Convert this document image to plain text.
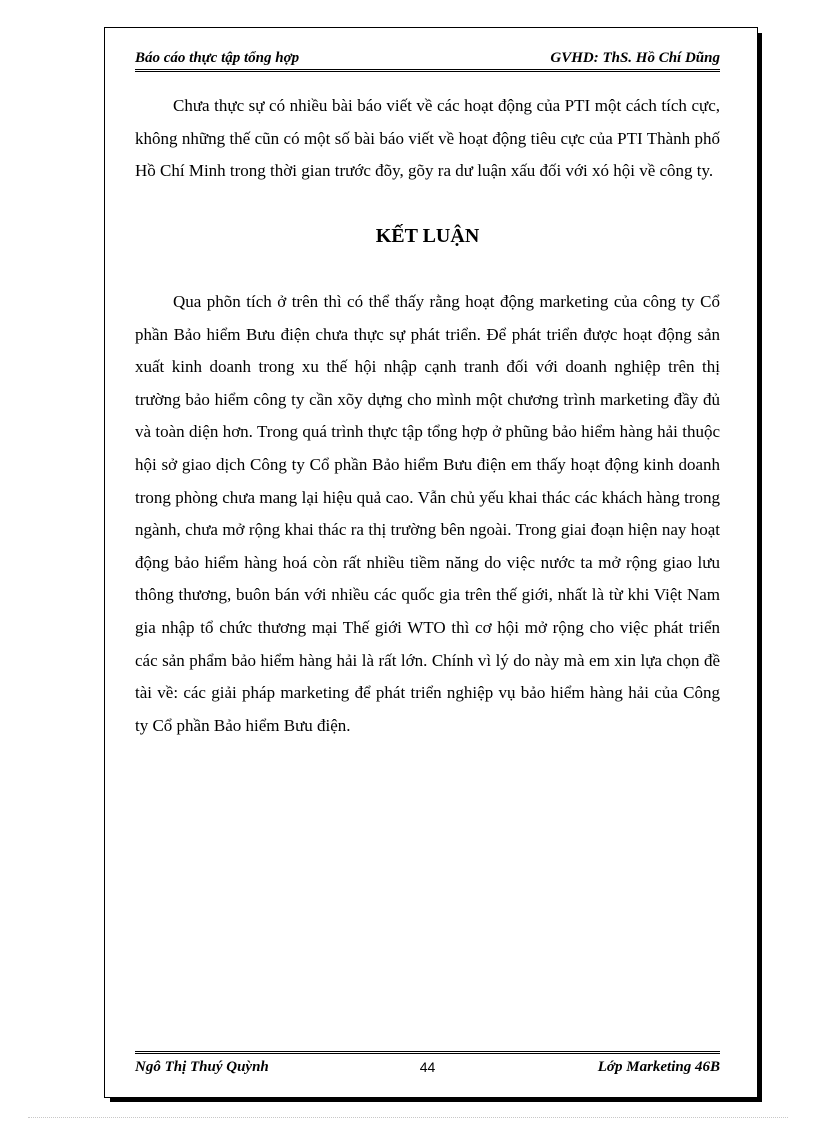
Báo cáo thực tập tổng hợp	GVHD: ThS. Hồ Chí Dũng

Chưa thực sự có nhiều bài báo viết về các hoạt động của PTI một cách tích cực, không những thế cũn có một số bài báo viết về hoạt động tiêu cực của PTI Thành phố Hồ Chí Minh trong thời gian trước đõy, gõy ra dư luận xấu đối với xó hội về công ty.

KẾT LUẬN

Qua phõn tích ở trên thì có thể thấy rằng hoạt động marketing của công ty Cổ phần Bảo hiểm Bưu điện chưa thực sự phát triển. Để phát triển được hoạt động sản xuất kinh doanh trong xu thế hội nhập cạnh tranh đối với doanh nghiệp trên thị trường bảo hiểm công ty cần xõy dựng cho mình một chương trình marketing đầy đủ và toàn diện hơn. Trong quá trình thực tập tổng hợp ở phũng bảo hiểm hàng hải thuộc hội sở giao dịch Công ty Cổ phần Bảo hiểm Bưu điện em thấy hoạt động kinh doanh trong phòng chưa mang lại hiệu quả cao. Vẫn chủ yếu khai thác các khách hàng trong ngành, chưa mở rộng khai thác ra thị trường bên ngoài. Trong giai đoạn hiện nay hoạt động bảo hiểm hàng hoá còn rất nhiều tiềm năng do việc nước ta mở rộng giao lưu thông thương, buôn bán với nhiều các quốc gia trên thế giới, nhất là từ khi Việt Nam gia nhập tổ chức thương mại Thế giới WTO thì cơ hội mở rộng cho việc phát triển các sản phẩm bảo hiểm hàng hải là rất lớn. Chính vì lý do này mà em xin lựa chọn đề tài về: các giải pháp marketing để phát triển nghiệp vụ bảo hiểm hàng hải của Công ty Cổ phần Bảo hiểm Bưu điện.

Ngô Thị Thuý Quỳnh	44	Lớp Marketing 46B
